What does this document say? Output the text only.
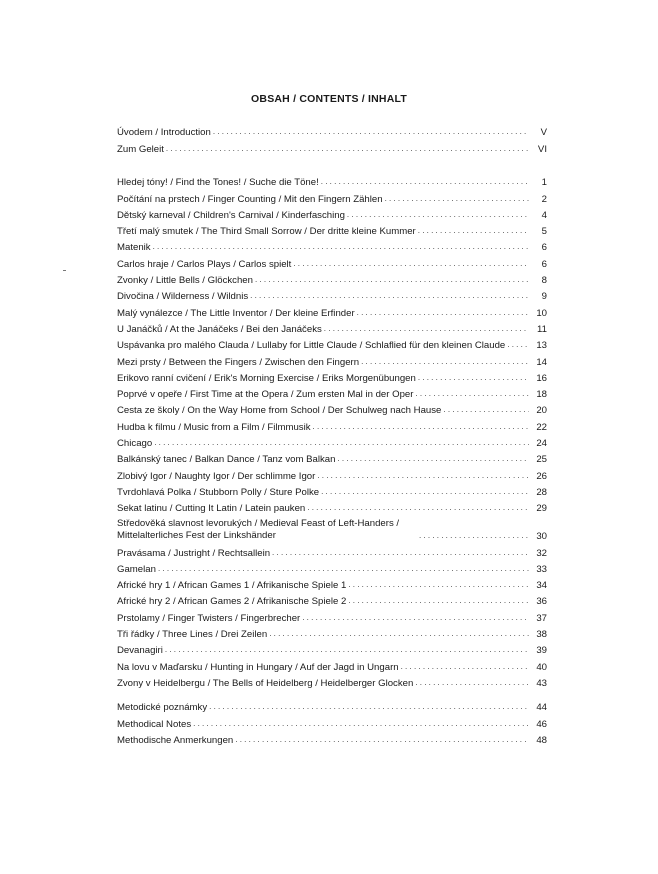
OBSAH / CONTENTS / INHALT
Úvodem / Introduction . . .	V
Zum Geleit . . .	VI
Hledej tóny! / Find the Tones! / Suche die Töne! . . .	1
Počítání na prstech / Finger Counting / Mit den Fingern Zählen . . .	2
Dětský karneval / Children's Carnival / Kinderfasching . . .	4
Třetí malý smutek / The Third Small Sorrow / Der dritte kleine Kummer . . .	5
Matenik . . .	6
Carlos hraje / Carlos Plays / Carlos spielt . . .	6
Zvonky / Little Bells / Glöckchen . . .	8
Divočina / Wilderness / Wildnis . . .	9
Malý vynálezce / The Little Inventor / Der kleine Erfinder . . .	10
U Janáčků / At the Janáčeks / Bei den Janáčeks . . .	11
Uspávanka pro malého Clauda / Lullaby for Little Claude / Schlaflied für den kleinen Claude . . .	13
Mezi prsty / Between the Fingers / Zwischen den Fingern . . .	14
Erikovo ranní cvičení / Erik's Morning Exercise / Eriks Morgenübungen . . .	16
Poprvé v opeře / First Time at the Opera / Zum ersten Mal in der Oper . . .	18
Cesta ze školy / On the Way Home from School / Der Schulweg nach Hause . . .	20
Hudba k filmu / Music from a Film / Filmmusik . . .	22
Chicago . . .	24
Balkánský tanec / Balkan Dance / Tanz vom Balkan . . .	25
Zlobivý Igor / Naughty Igor / Der schlimme Igor . . .	26
Tvrdohlavá Polka / Stubborn Polly / Sture Polke . . .	28
Sekat latinu / Cutting It Latin / Latein pauken . . .	29
Středověká slavnost levorukých / Medieval Feast of Left-Handers / Mittelalterliches Fest der Linkshänder . . .	30
Pravásama / Justright / Rechtsallein . . .	32
Gamelan . . .	33
Africké hry 1 / African Games 1 / Afrikanische Spiele 1 . . .	34
Africké hry 2 / African Games 2 / Afrikanische Spiele 2 . . .	36
Prstolamy / Finger Twisters / Fingerbrecher . . .	37
Tři řádky / Three Lines / Drei Zeilen . . .	38
Devanagiri . . .	39
Na lovu v Maďarsku / Hunting in Hungary / Auf der Jagd in Ungarn . . .	40
Zvony v Heidelbergu / The Bells of Heidelberg / Heidelberger Glocken . . .	43
Metodické poznámky . . .	44
Methodical Notes . . .	46
Methodische Anmerkungen . . .	48
